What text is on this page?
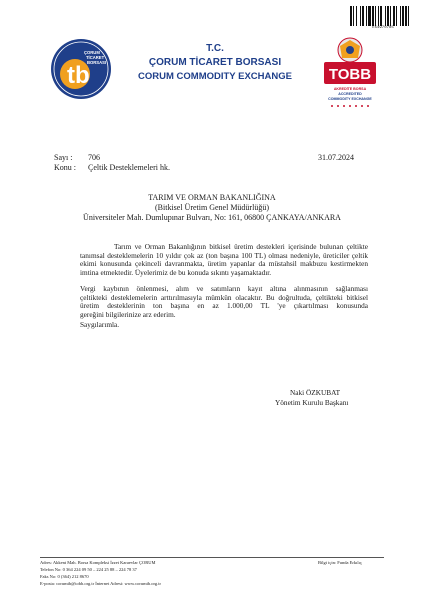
E54970785
tb
ÇORUM
TİCARET
BORSASI
T.C.
ÇORUM TİCARET BORSASI
CORUM COMMODITY EXCHANGE	TOBB
AKREDİTE BORSA
ACCREDITED
COMMODITY EXCHANGE
Sayı : 706
Konu : Çeltik Desteklemeleri hk.
31.07.2024
TARIM VE ORMAN BAKANLIĞINA
(Bitkisel Üretim Genel Müdürlüğü)
Üniversiteler Mah. Dumlupınar Bulvarı, No: 161, 06800 ÇANKAYA/ANKARA
Tarım ve Orman Bakanlığının bitkisel üretim destekleri içerisinde bulunan çeltikte
tanımsal desteklemelerin 10 yıldır çok az (ton başına 100 TL) olması nedeniyle, üreticiler çeltik
ekimi konusunda çekinceli davranmakta, üretim yapanlar da müstahsil makbuzu kestirmekten
imtina etmektedir. Üyelerimiz de bu konuda sıkıntı yaşamaktadır.
Vergi kaybının önlenmesi, alım ve satımların kayıt altına alınmasının sağlanması
çeltikteki desteklemelerin arttırılmasıyla mümkün olacaktır. Bu doğrultuda, çeltikteki bitkisel
üretim desteklerinin ton başına en az 1.000,00 TL 'ye çıkartılması konusunda
gereğini bilgilerinize arz ederim.
Saygılarımla.
Naki ÖZKUBAT
Yönetim Kurulu Başkanı
Adres: Akkent Mah. Borsa Kompleksi İzzet Karaevlar ÇORUM
Telefon No: 0 364 224 09 50 – 224 25 88 – 224 78 37
Faks No: 0 (364) 212 8670
E-posta: corumtb@tobb.org.tr İnternet Adresi: www.corumtb.org.tr
Bilgi için: Funda Erkılıç
